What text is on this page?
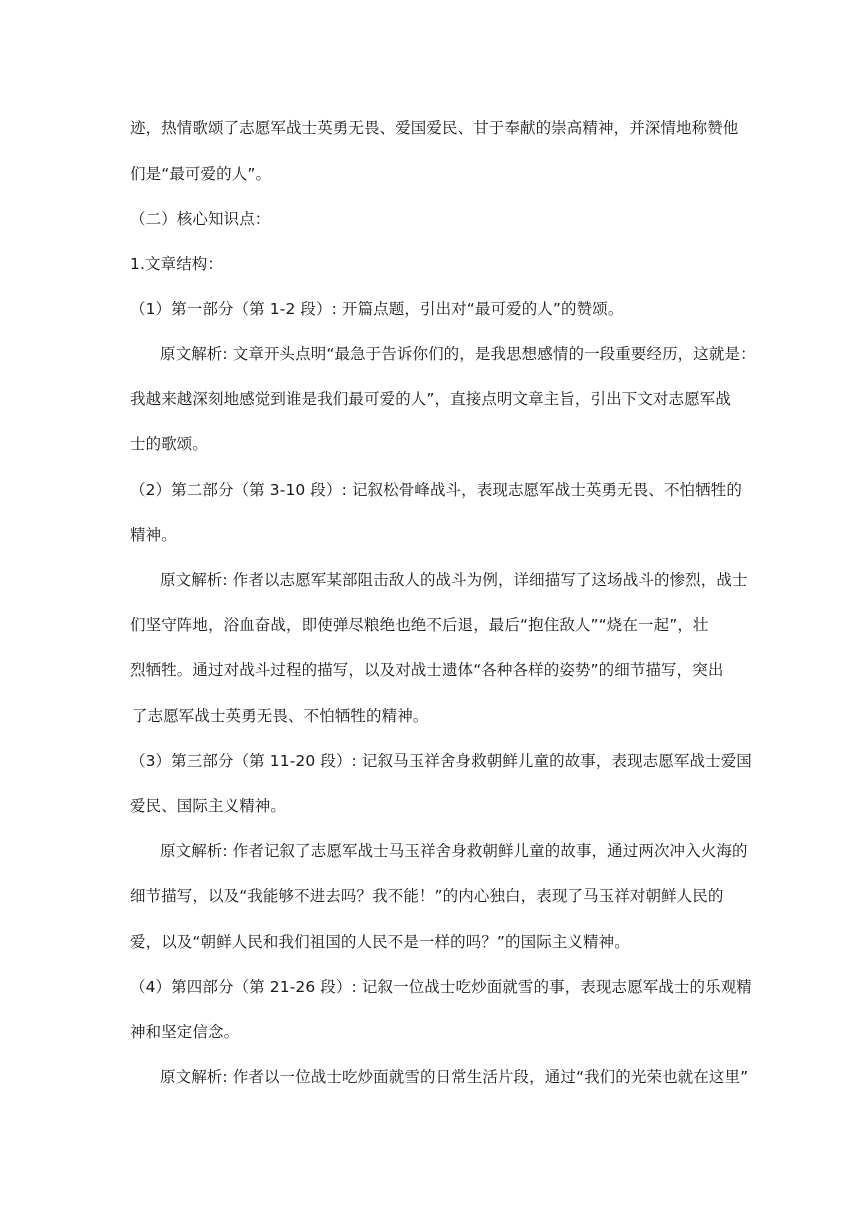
迹，热情歌颂了志愿军战士英勇无畏、爱国爱民、甘于奉献的崇高精神，并深情地称赞他
们是“最可爱的人”。
（二）核心知识点：
1.文章结构：
（1）第一部分（第 1-2 段）: 开篇点题，引出对“最可爱的人”的赞颂。
原文解析: 文章开头点明“最急于告诉你们的，是我思想感情的一段重要经历，这就是：
我越来越深刻地感觉到谁是我们最可爱的人”，直接点明文章主旨，引出下文对志愿军战
士的歌颂。
（2）第二部分（第 3-10 段）: 记叙松骨峰战斗，表现志愿军战士英勇无畏、不怕牺牲的
精神。
原文解析: 作者以志愿军某部阻击敌人的战斗为例，详细描写了这场战斗的惨烈，战士
们坚守阵地，浴血奋战，即使弹尽粮绝也绝不后退，最后“抱住敌人”“烧在一起”，壮
烈牺牲。通过对战斗过程的描写，以及对战士遗体“各种各样的姿势”的细节描写，突出
了志愿军战士英勇无畏、不怕牺牲的精神。
（3）第三部分（第 11-20 段）: 记叙马玉祥舍身救朝鲜儿童的故事，表现志愿军战士爱国
爱民、国际主义精神。
原文解析: 作者记叙了志愿军战士马玉祥舍身救朝鲜儿童的故事，通过两次冲入火海的
细节描写，以及“我能够不进去吗？我不能！”的内心独白，表现了马玉祥对朝鲜人民的
爱，以及“朝鲜人民和我们祖国的人民不是一样的吗？”的国际主义精神。
（4）第四部分（第 21-26 段）: 记叙一位战士吃炒面就雪的事，表现志愿军战士的乐观精
神和坚定信念。
原文解析: 作者以一位战士吃炒面就雪的日常生活片段，通过“我们的光荣也就在这里”
